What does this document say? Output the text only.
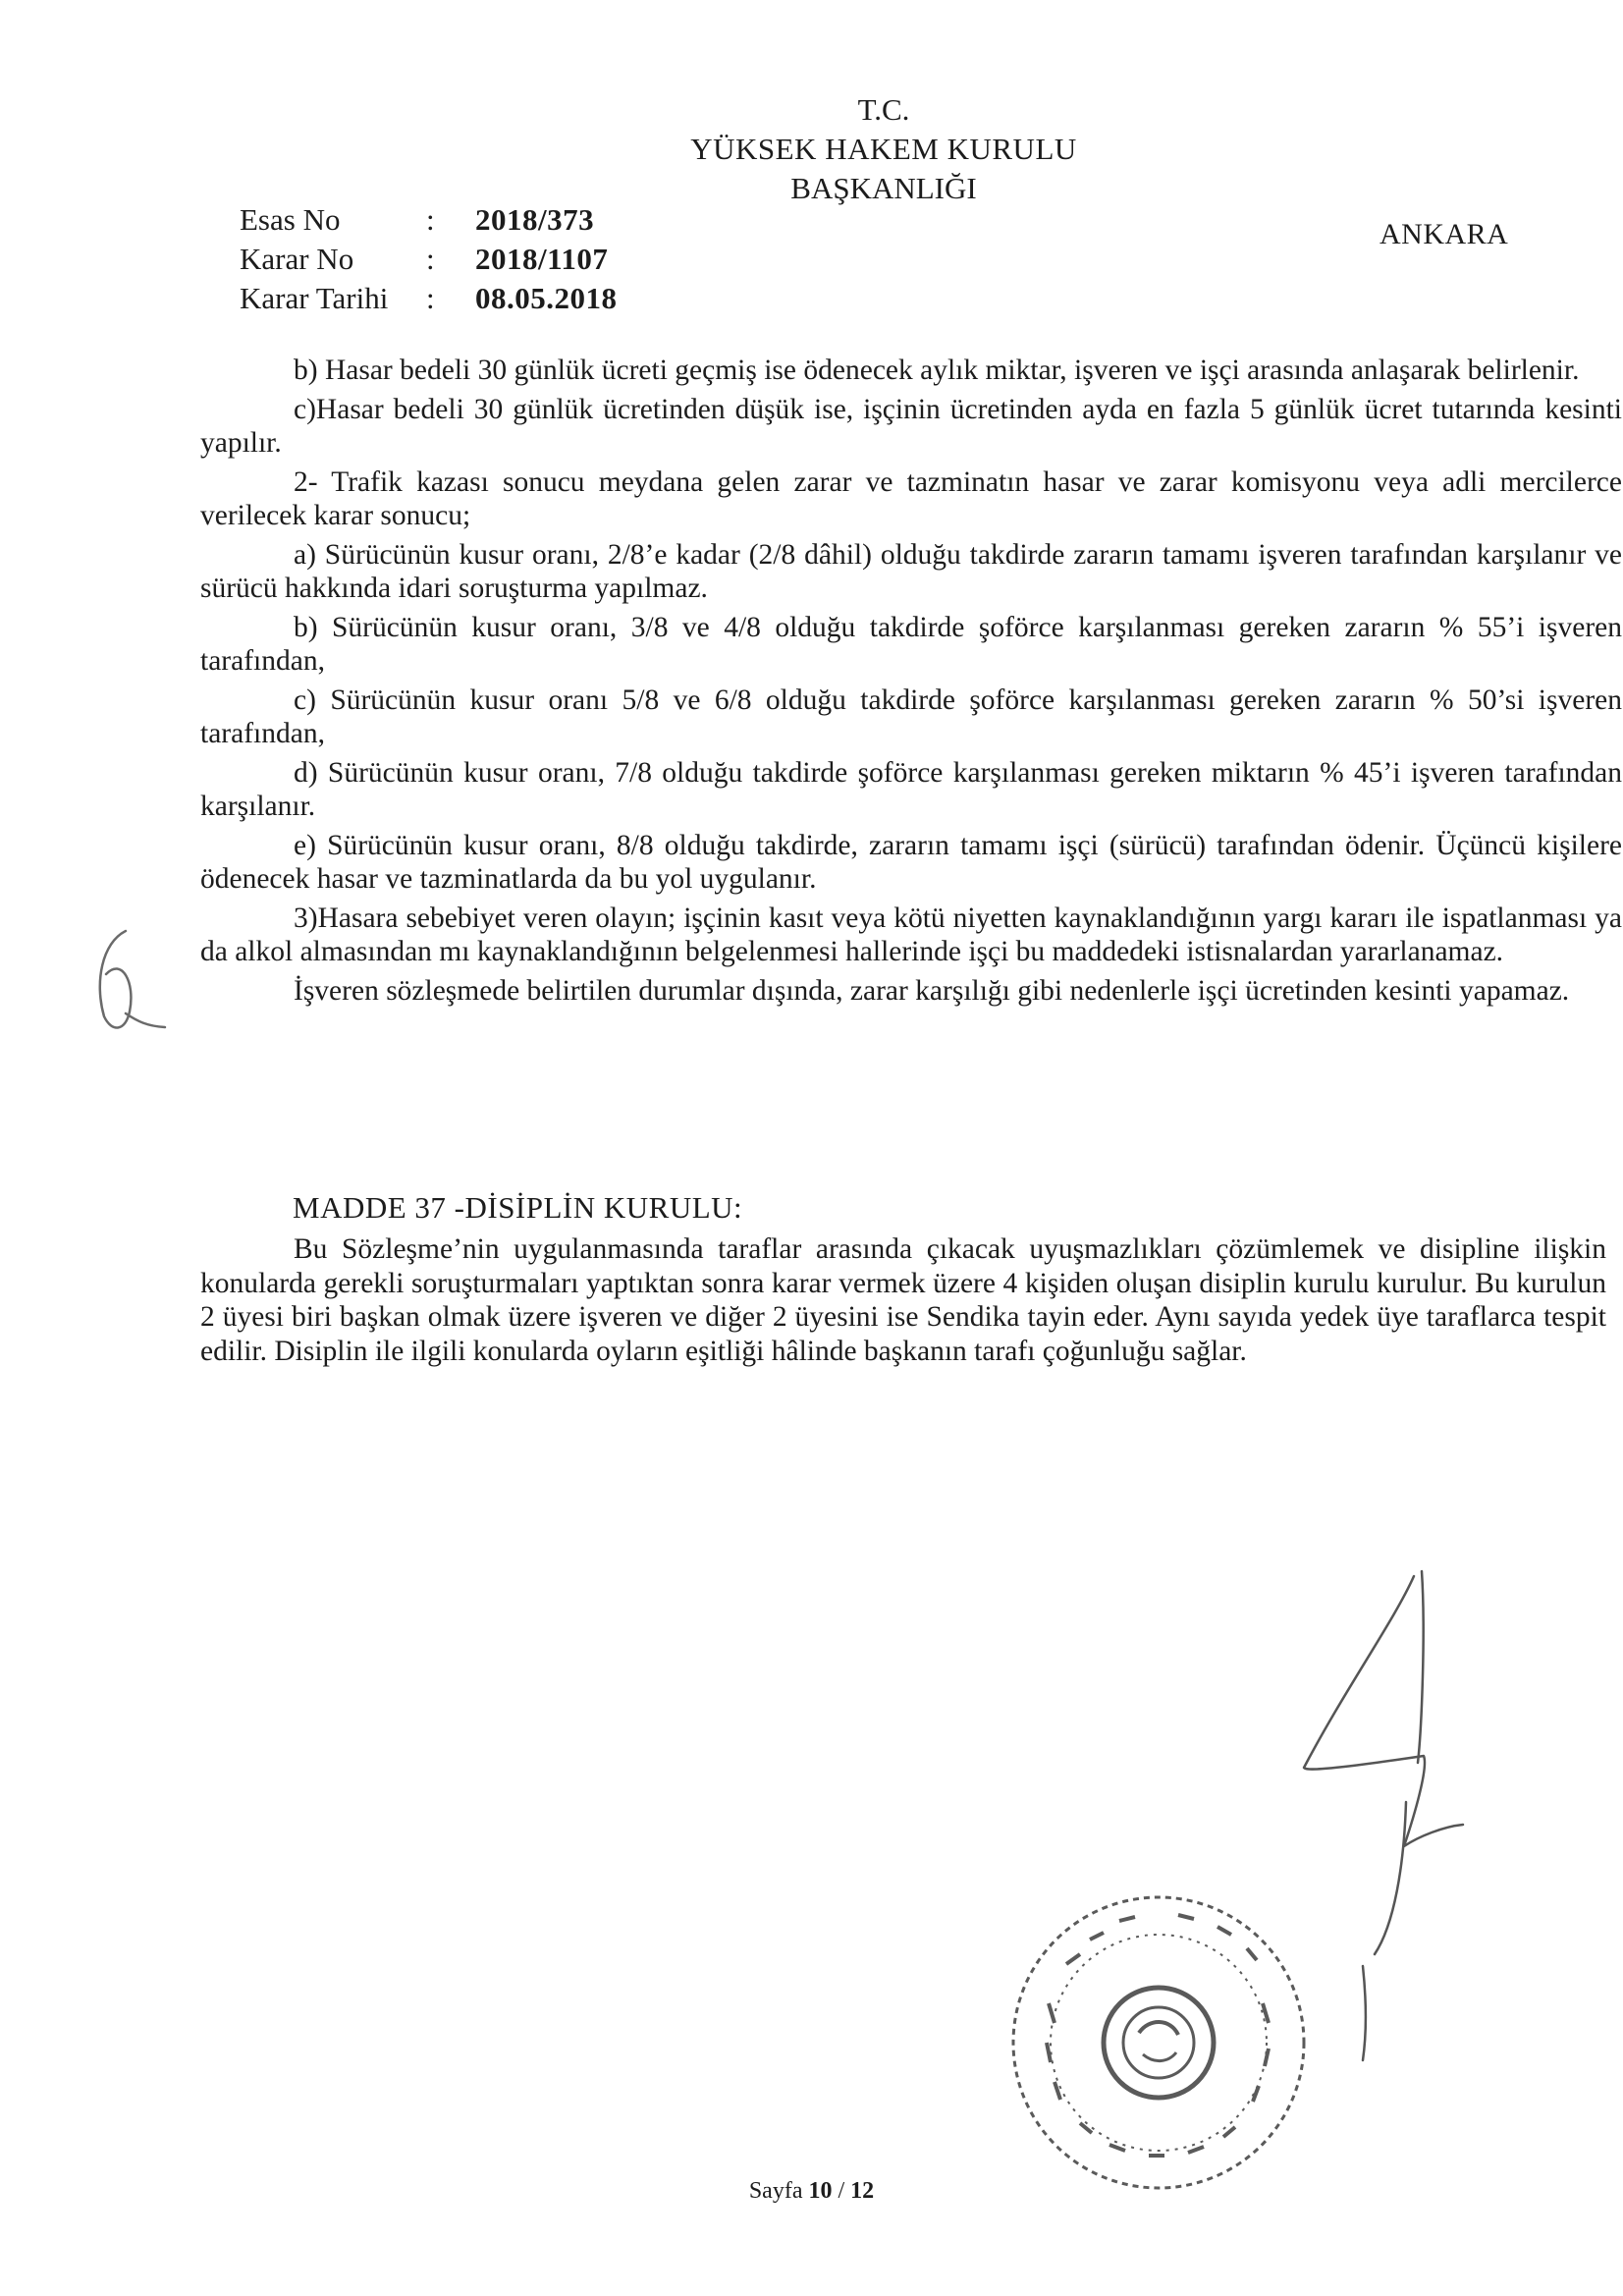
T.C.
YÜKSEK HAKEM KURULU
BAŞKANLIĞI
ANKARA
Esas No	:	2018/373
Karar No	:	2018/1107
Karar Tarihi	:	08.05.2018

b) Hasar bedeli 30 günlük ücreti geçmiş ise ödenecek aylık miktar, işveren ve işçi arasında anlaşarak belirlenir.

c)Hasar bedeli 30 günlük ücretinden düşük ise, işçinin ücretinden ayda en fazla 5 günlük ücret tutarında kesinti yapılır.

2- Trafik kazası sonucu meydana gelen zarar ve tazminatın hasar ve zarar komisyonu veya adli mercilerce verilecek karar sonucu;

a) Sürücünün kusur oranı, 2/8’e kadar (2/8 dâhil) olduğu takdirde zararın tamamı işveren tarafından karşılanır ve sürücü hakkında idari soruşturma yapılmaz.

b) Sürücünün kusur oranı, 3/8 ve 4/8 olduğu takdirde şoförce karşılanması gereken zararın % 55’i işveren tarafından,

c) Sürücünün kusur oranı 5/8 ve 6/8 olduğu takdirde şoförce karşılanması gereken zararın % 50’si işveren tarafından,

d) Sürücünün kusur oranı, 7/8 olduğu takdirde şoförce karşılanması gereken miktarın % 45’i işveren tarafından karşılanır.

e) Sürücünün kusur oranı, 8/8 olduğu takdirde, zararın tamamı işçi (sürücü) tarafından ödenir. Üçüncü kişilere ödenecek hasar ve tazminatlarda da bu yol uygulanır.

3)Hasara sebebiyet veren olayın; işçinin kasıt veya kötü niyetten kaynaklandığının yargı kararı ile ispatlanması ya da alkol almasından mı kaynaklandığının belgelenmesi hallerinde işçi bu maddedeki istisnalardan yararlanamaz.

İşveren sözleşmede belirtilen durumlar dışında, zarar karşılığı gibi nedenlerle işçi ücretinden kesinti yapamaz.

MADDE 37 -DİSİPLİN KURULU:

Bu Sözleşme’nin uygulanmasında taraflar arasında çıkacak uyuşmazlıkları çözümlemek ve disipline ilişkin konularda gerekli soruşturmaları yaptıktan sonra karar vermek üzere 4 kişiden oluşan disiplin kurulu kurulur. Bu kurulun 2 üyesi biri başkan olmak üzere işveren ve diğer 2 üyesini ise Sendika tayin eder. Aynı sayıda yedek üye taraflarca tespit edilir. Disiplin ile ilgili konularda oyların eşitliği hâlinde başkanın tarafı çoğunluğu sağlar.

Sayfa 10 / 12
